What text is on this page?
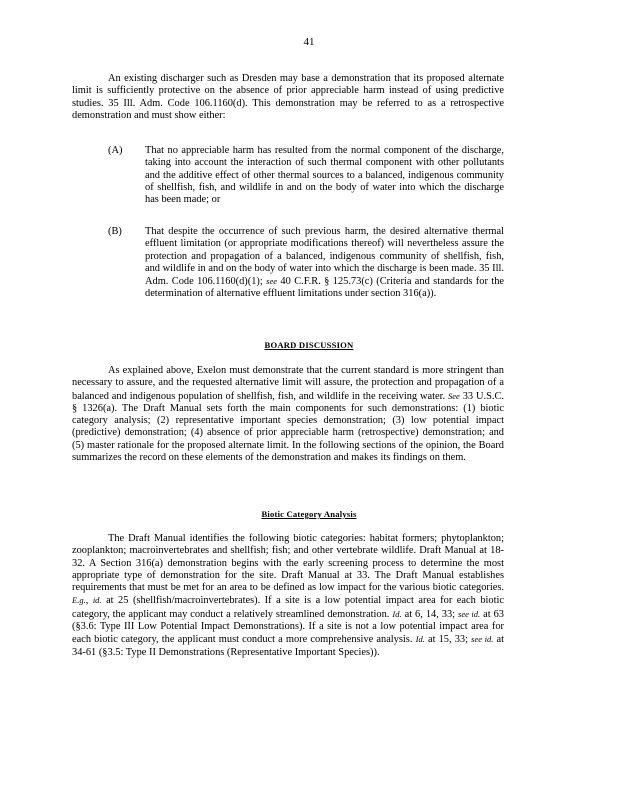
41

An existing discharger such as Dresden may base a demonstration that its proposed alternate limit is sufficiently protective on the absence of prior appreciable harm instead of using predictive studies. 35 Ill. Adm. Code 106.1160(d). This demonstration may be referred to as a retrospective demonstration and must show either:

(A)	That no appreciable harm has resulted from the normal component of the discharge, taking into account the interaction of such thermal component with other pollutants and the additive effect of other thermal sources to a balanced, indigenous community of shellfish, fish, and wildlife in and on the body of water into which the discharge has been made; or
(B)	That despite the occurrence of such previous harm, the desired alternative thermal effluent limitation (or appropriate modifications thereof) will nevertheless assure the protection and propagation of a balanced, indigenous community of shellfish, fish, and wildlife in and on the body of water into which the discharge is been made. 35 Ill. Adm. Code 106.1160(d)(1); see 40 C.F.R. § 125.73(c) (Criteria and standards for the determination of alternative effluent limitations under section 316(a)).
BOARD DISCUSSION

As explained above, Exelon must demonstrate that the current standard is more stringent than necessary to assure, and the requested alternative limit will assure, the protection and propagation of a balanced and indigenous population of shellfish, fish, and wildlife in the receiving water. See 33 U.S.C. § 1326(a). The Draft Manual sets forth the main components for such demonstrations: (1) biotic category analysis; (2) representative important species demonstration; (3) low potential impact (predictive) demonstration; (4) absence of prior appreciable harm (retrospective) demonstration; and (5) master rationale for the proposed alternate limit. In the following sections of the opinion, the Board summarizes the record on these elements of the demonstration and makes its findings on them.

Biotic Category Analysis

The Draft Manual identifies the following biotic categories: habitat formers; phytoplankton; zooplankton; macroinvertebrates and shellfish; fish; and other vertebrate wildlife. Draft Manual at 18-32. A Section 316(a) demonstration begins with the early screening process to determine the most appropriate type of demonstration for the site. Draft Manual at 33. The Draft Manual establishes requirements that must be met for an area to be defined as low impact for the various biotic categories. E.g., id. at 25 (shellfish/macroinvertebrates). If a site is a low potential impact area for each biotic category, the applicant may conduct a relatively streamlined demonstration. Id. at 6, 14, 33; see id. at 63 (§3.6: Type III Low Potential Impact Demonstrations). If a site is not a low potential impact area for each biotic category, the applicant must conduct a more comprehensive analysis. Id. at 15, 33; see id. at 34-61 (§3.5: Type II Demonstrations (Representative Important Species)).
